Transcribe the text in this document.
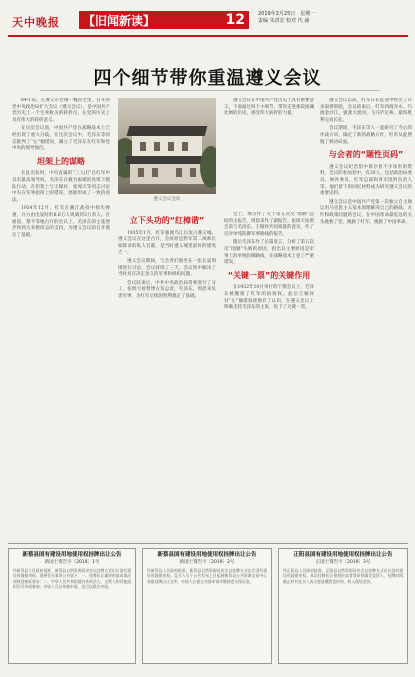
天中晚报 【旧闻新读】	12	2019年2月25日　星期一
责编 朱清宏 校对 代 涵
四个细节带你重温遵义会议

84年前，在遵义市老城一幢民宅里，召开的党中央政治局扩大会议（遵义会议），是中国共产党历史上一个生死攸关的转折点，在党的历史上具有伟大的转折意义。

在这次会议前，中国共产党在战略战术上已经出现了重大分歧。在这次会议中，毛泽东等同志批判了“左”倾错误，确立了毛泽东在红军和党中央的领导地位。

坦架上的谋略

长征出发时，中央直属的“三人团”在红军中具有最高领导权，毛泽东在极为艰难的处境下随队行动，在担架上与王稼祥、张闻天等同志讨论中央在军事指挥上的错误，逐渐形成了一致的看法。

1934年12月，红军在湘江战役中损失惨重，兵力由出发时的8.6万人锐减到3万余人。在通道、黎平等地召开的会议上，毛泽东的主张逐步得到大多数同志的支持，为遵义会议的召开奠定了基础。

遵义会议会址

遵义会议在中国共产党历史上具有重要意义，下面通过四个小细节，带你走进那段波澜壮阔的历史，感受伟大转折的力量。

立下头功的“红樟谐”

1935年1月，红军强渡乌江后攻占遵义城。遵义会议在这里召开，会址原是黔军第二师师长柏辉章的私人官邸，是当时遵义城里最好的建筑之一。

遵义会议期间，与会者们围坐在一张长桌周围进行讨论，会议持续了三天。会议集中解决了当时具有决定意义的军事和组织问题。

会议结束后，中共中央政治局常委进行了分工，张闻天接替博古负总责，毛泽东、周恩来负责军事，为红军后续的胜利奠定了基础。

会上，博古作了关于第五次反“围剿”总结的主报告，周恩来作了副报告。张闻天按照会前与毛泽东、王稼祥共同商量的意见，作了反对单纯防御军事路线的报告。

随后毛泽东作了长篇发言，分析了第五次反“围剿”失败的原因，指出其主要原因是军事上的单纯防御路线，在战略战术上犯了严重错误。

“关键一票”的关键作用

在1932年10月举行的宁都会议上，毛泽东被撤销了红军的指挥权。此后王稼祥对“左”倾错误逐渐有了认识，在遵义会议上明确支持毛泽东的主张，投下了关键一票。

遵义会议以前，红军在长征途中经历了许多艰难险阻，会议结束后，红军四渡赤水、巧渡金沙江、强渡大渡河、飞夺泸定桥，最终胜利完成长征。

会议期间，毛泽东等人一起研究了今后的作战方向，确定了新的战略方针，红军从此摆脱了被动局面。

与会者的“题性页码”

遵义会议纪念馆中保存着不少珍贵的资料，会议的参加者中，有20人，包括政治局委员、候补委员，红军总部和各军团的负责人等，他们留下的回忆材料成为研究遵义会议的重要史料。

遵义会议是中国共产党第一次独立自主地运用马克思主义基本原理解决自己的路线、方针和政策问题的会议，在中国革命最危急的关头挽救了党、挽救了红军、挽救了中国革命。

新蔡县国有建设用地使用权挂牌出让公告
新国土资告字〔2019〕1号
经新蔡县人民政府批准，新蔡县自然资源局决定以挂牌方式出让国有建设用地使用权。现将有关事项公告如下：一、挂牌出让地块的基本情况和规划指标要求；二、中华人民共和国境内外的法人、自然人和其他组织均可申请参加，申请人可以单独申请，也可以联合申请。
新蔡县国有建设用地使用权挂牌出让公告
新国土资告字〔2019〕2号
经新蔡县人民政府批准，新蔡县自然资源局决定以挂牌方式出让国有建设用地使用权。竞买人可于公告发布之日起到新蔡县公共资源交易中心获取挂牌出让文件，申请人应提交书面申请并缴纳竞买保证金。
正阳县国有建设用地使用权挂牌出让公告
正国土资告字〔2019〕3号
经正阳县人民政府批准，正阳县自然资源局决定以挂牌方式出让国有建设用地使用权。本次挂牌出让按照价高者得原则确定竞得人，挂牌时间截止时有竞买人表示愿意继续竞价的，转入现场竞价。
